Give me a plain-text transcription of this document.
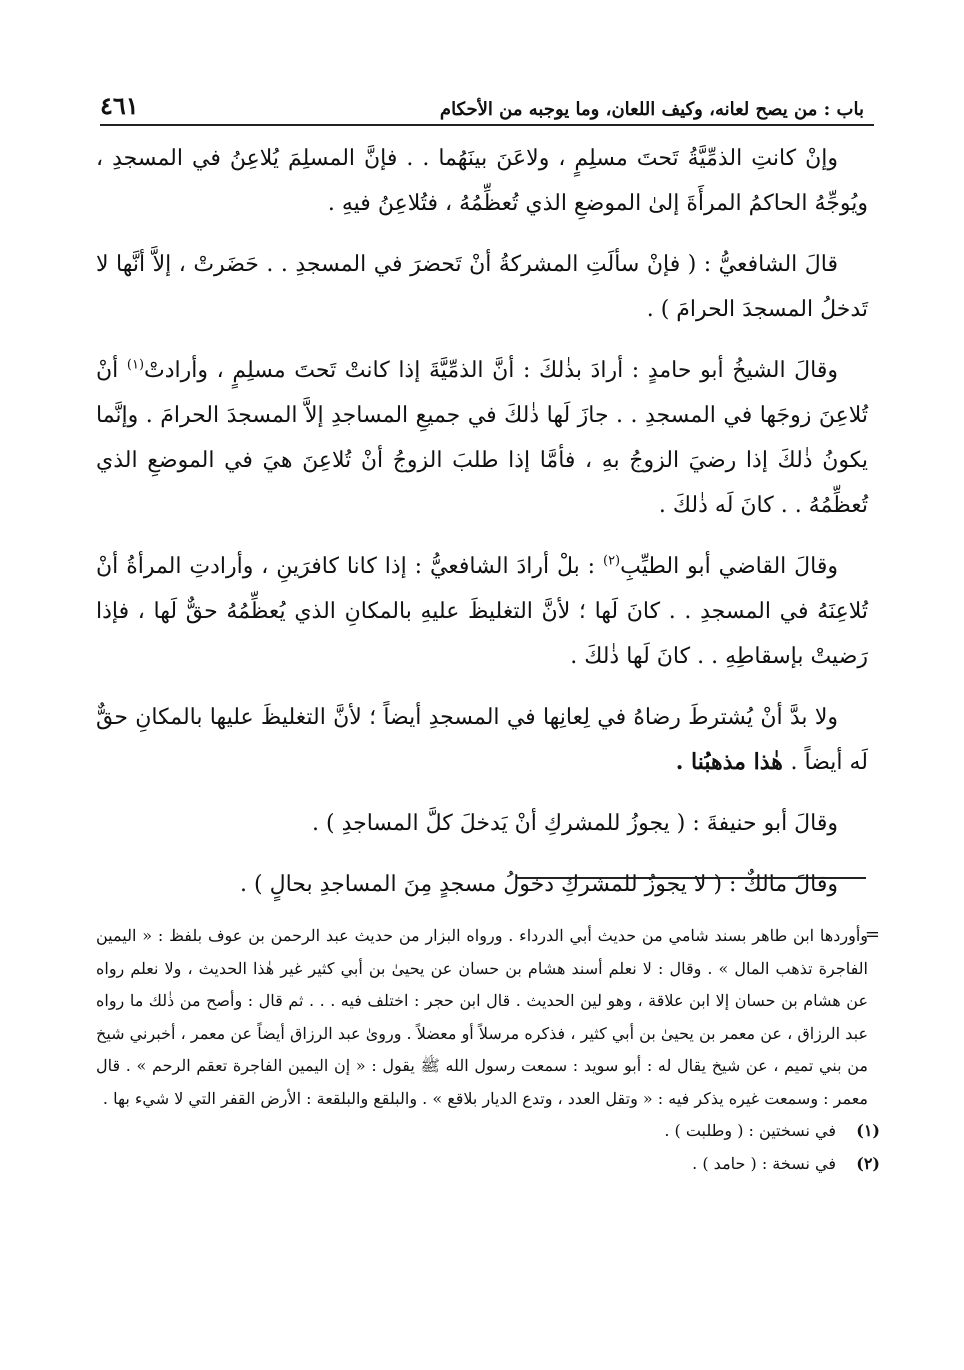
باب : من يصح لعانه، وكيف اللعان، وما يوجبه من الأحكام
٤٦١

وإنْ كانتِ الذمِّيَّةُ تَحتَ مسلِمٍ ، ولاعَنَ بينَهُما . . فإنَّ المسلِمَ يُلاعِنُ في المسجدِ ، ويُوجِّهُ الحاكمُ المرأَةَ إلىٰ الموضعِ الذي تُعظِّمُهُ ، فتُلاعِنُ فيهِ .

قالَ الشافعيُّ : ( فإنْ سألَتِ المشركةُ أنْ تَحضرَ في المسجدِ . . حَضَرتْ ، إلاَّ أنَّها لا تَدخلُ المسجدَ الحرامَ ) .

وقالَ الشيخُ أبو حامدٍ : أرادَ بذٰلكَ : أنَّ الذمِّيَّةَ إذا كانتْ تَحتَ مسلِمٍ ، وأرادتْ$^{(١)}$ أنْ تُلاعِنَ زوجَها في المسجدِ . . جازَ لَها ذٰلكَ في جميعِ المساجدِ إلاَّ المسجدَ الحرامَ . وإنَّما يكونُ ذٰلكَ إذا رضيَ الزوجُ بهِ ، فأمَّا إذا طلبَ الزوجُ أنْ تُلاعِنَ هيَ في الموضعِ الذي تُعظِّمُهُ . . كانَ لَه ذٰلكَ .

وقالَ القاضي أبو الطيِّبِ$^{(٢)}$ : بلْ أرادَ الشافعيُّ : إذا كانا كافرَينِ ، وأرادتِ المرأةُ أنْ تُلاعِنَهُ في المسجدِ . . كانَ لَها ؛ لأنَّ التغليظَ عليهِ بالمكانِ الذي يُعظِّمُهُ حقٌّ لَها ، فإذا رَضيتْ بإسقاطِهِ . . كانَ لَها ذٰلكَ .

ولا بدَّ أنْ يُشترطَ رضاهُ في لِعانِها في المسجدِ أيضاً ؛ لأنَّ التغليظَ عليها بالمكانِ حقٌّ لَه أيضاً . هٰذا مذهبُنا .

وقالَ أبو حنيفةَ : ( يجوزُ للمشركِ أنْ يَدخلَ كلَّ المساجدِ ) .

وقالَ مالكٌ : ( لا يجوزُ للمشركِ دخولُ مسجدٍ مِنَ المساجدِ بحالٍ ) .

=
وأوردها ابن طاهر بسند شامي من حديث أبي الدرداء . ورواه البزار من حديث عبد الرحمن بن عوف بلفظ : « اليمين الفاجرة تذهب المال » . وقال : لا نعلم أسند هشام بن حسان عن يحيىٰ بن أبي كثير غير هٰذا الحديث ، ولا نعلم رواه عن هشام بن حسان إلا ابن علاقة ، وهو لين الحديث . قال ابن حجر : اختلف فيه . . . ثم قال : وأصح من ذٰلك ما رواه عبد الرزاق ، عن معمر بن يحيىٰ بن أبي كثير ، فذكره مرسلاً أو معضلاً . وروىٰ عبد الرزاق أيضاً عن معمر ، أخبرني شيخ من بني تميم ، عن شيخ يقال له : أبو سويد : سمعت رسول الله ﷺ يقول : « إن اليمين الفاجرة تعقم الرحم » . قال معمر : وسمعت غيره يذكر فيه : « وتقل العدد ، وتدع الديار بلاقع » . والبلقع والبلقعة : الأرض القفر التي لا شيء بها .
(١)
في نسختين : ( وطلبت ) .
(٢)
في نسخة : ( حامد ) .
